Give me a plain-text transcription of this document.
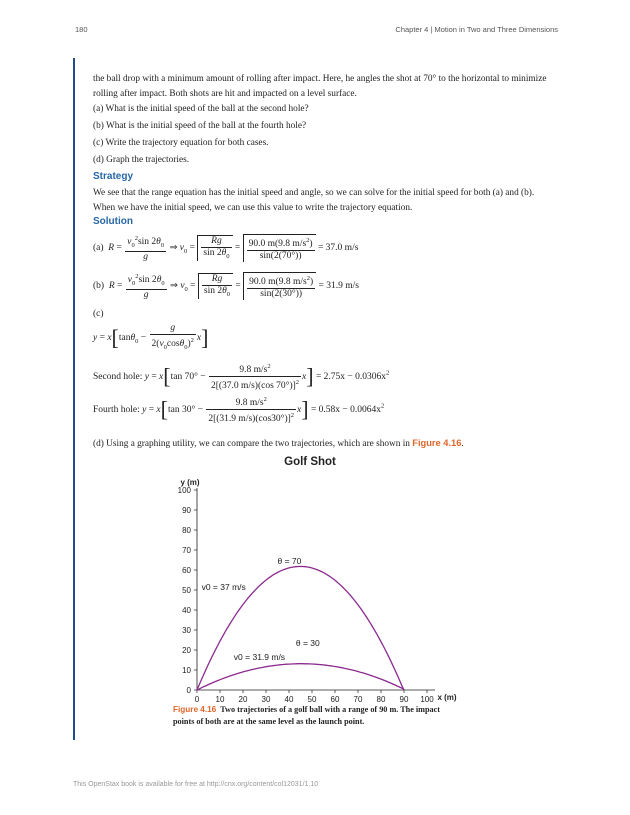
180	Chapter 4 | Motion in Two and Three Dimensions
the ball drop with a minimum amount of rolling after impact. Here, he angles the shot at 70° to the horizontal to minimize rolling after impact. Both shots are hit and impacted on a level surface.
(a) What is the initial speed of the ball at the second hole?
(b) What is the initial speed of the ball at the fourth hole?
(c) Write the trajectory equation for both cases.
(d) Graph the trajectories.
Strategy
We see that the range equation has the initial speed and angle, so we can solve for the initial speed for both (a) and (b). When we have the initial speed, we can use this value to write the trajectory equation.
Solution
(a) $R = \frac{v_0^2\sin 2\theta_0}{g}$ ⇒ $v_0 = \frac{Rg}{\sin 2\theta_0} = \frac{90.0 m(9.8 m/s^2)}{\sin(2(70^\circ))} = 37.0$ m/s
(b) $R = \frac{v_0^2\sin 2\theta_0}{g}$ ⇒ $v_0 = \frac{Rg}{\sin 2\theta_0} = \frac{90.0 m(9.8 m/s^2)}{\sin(2(30^\circ))} = 31.9$ m/s
(c)
$y = x[\tan\theta_0 - \frac{g}{2(v_0\cos\theta_0)^2} x]$
Second hole: y = x[tan $70^\circ - \frac{9.8 m/s^2}{2[(37.0 m/s)(\cos 70^\circ)]^2} x] = 2.75x - 0.0306x^2$
Fourth hole: y = x[tan $30^\circ - \frac{9.8 m/s^2}{2[(31.9 m/s)(\cos 30^\circ)]^2} x] = 0.58x - 0.0064x^2$
(d) Using a graphing utility, we can compare the two trajectories, which are shown in Figure 4.16.
Golf Shot
y (m)
x (m)
0 10 20 30 40 50 60 70 80 90 100
0
10
20
30
40
50
60
70
80
90
100
θ = 70
v0 = 37 m/s
θ = 30
v0 = 31.9 m/s
Figure 4.16 Two trajectories of a golf ball with a range of 90 m. The impact points of both are at the same level as the launch point.
This OpenStax book is available for free at http://cnx.org/content/col12031/1.10
